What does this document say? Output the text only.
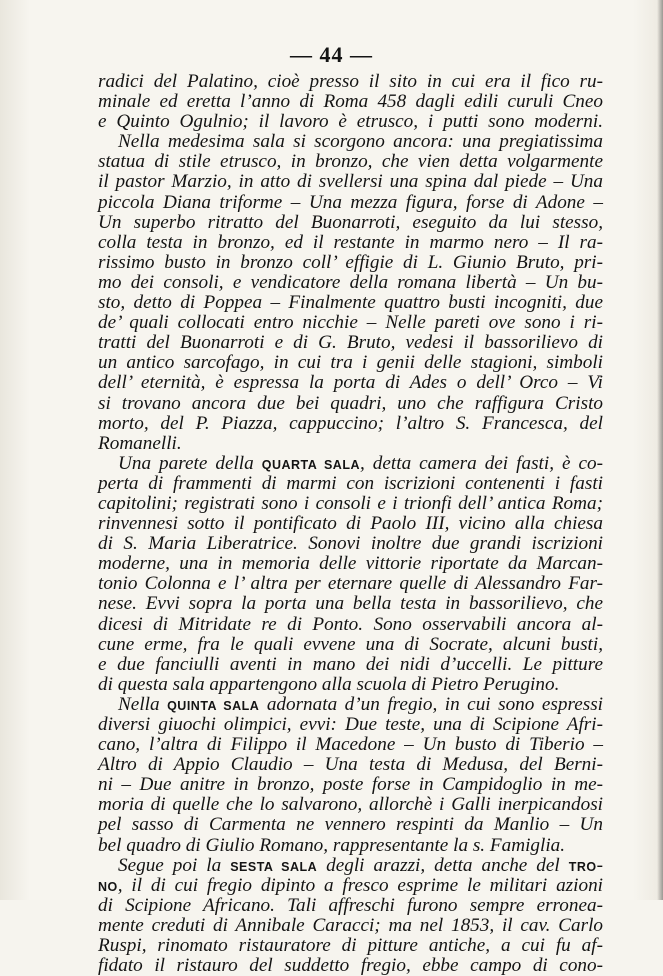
— 44 —
radici del Palatino, cioè presso il sito in cui era il fico ru-
minale ed eretta l’anno di Roma 458 dagli edili curuli Cneo
e Quinto Ogulnio; il lavoro è etrusco, i putti sono moderni.
Nella medesima sala si scorgono ancora: una pregiatissima
statua di stile etrusco, in bronzo, che vien detta volgarmente
il pastor Marzio, in atto di svellersi una spina dal piede – Una
piccola Diana triforme – Una mezza figura, forse di Adone –
Un superbo ritratto del Buonarroti, eseguito da lui stesso,
colla testa in bronzo, ed il restante in marmo nero – Il ra-
rissimo busto in bronzo coll’ effigie di L. Giunio Bruto, pri-
mo dei consoli, e vendicatore della romana libertà – Un bu-
sto, detto di Poppea – Finalmente quattro busti incogniti, due
de’ quali collocati entro nicchie – Nelle pareti ove sono i ri-
tratti del Buonarroti e di G. Bruto, vedesi il bassorilievo di
un antico sarcofago, in cui tra i genii delle stagioni, simboli
dell’ eternità, è espressa la porta di Ades o dell’ Orco – Vi
si trovano ancora due bei quadri, uno che raffigura Cristo
morto, del P. Piazza, cappuccino; l’altro S. Francesca, del
Romanelli.
Una parete della QUARTA SALA, detta camera dei fasti, è co-
perta di frammenti di marmi con iscrizioni contenenti i fasti
capitolini; registrati sono i consoli e i trionfi dell’ antica Roma;
rinvennesi sotto il pontificato di Paolo III, vicino alla chiesa
di S. Maria Liberatrice. Sonovi inoltre due grandi iscrizioni
moderne, una in memoria delle vittorie riportate da Marcan-
tonio Colonna e l’ altra per eternare quelle di Alessandro Far-
nese. Evvi sopra la porta una bella testa in bassorilievo, che
dicesi di Mitridate re di Ponto. Sono osservabili ancora al-
cune erme, fra le quali evvene una di Socrate, alcuni busti,
e due fanciulli aventi in mano dei nidi d’uccelli. Le pitture
di questa sala appartengono alla scuola di Pietro Perugino.
Nella QUINTA SALA adornata d’un fregio, in cui sono espressi
diversi giuochi olimpici, evvi: Due teste, una di Scipione Afri-
cano, l’altra di Filippo il Macedone – Un busto di Tiberio –
Altro di Appio Claudio – Una testa di Medusa, del Berni-
ni – Due anitre in bronzo, poste forse in Campidoglio in me-
moria di quelle che lo salvarono, allorchè i Galli inerpicandosi
pel sasso di Carmenta ne vennero respinti da Manlio – Un
bel quadro di Giulio Romano, rappresentante la s. Famiglia.
Segue poi la SESTA SALA degli arazzi, detta anche del TRO-
NO, il di cui fregio dipinto a fresco esprime le militari azioni
di Scipione Africano. Tali affreschi furono sempre erronea-
mente creduti di Annibale Caracci; ma nel 1853, il cav. Carlo
Ruspi, rinomato ristauratore di pitture antiche, a cui fu af-
fidato il ristauro del suddetto fregio, ebbe campo di cono-
